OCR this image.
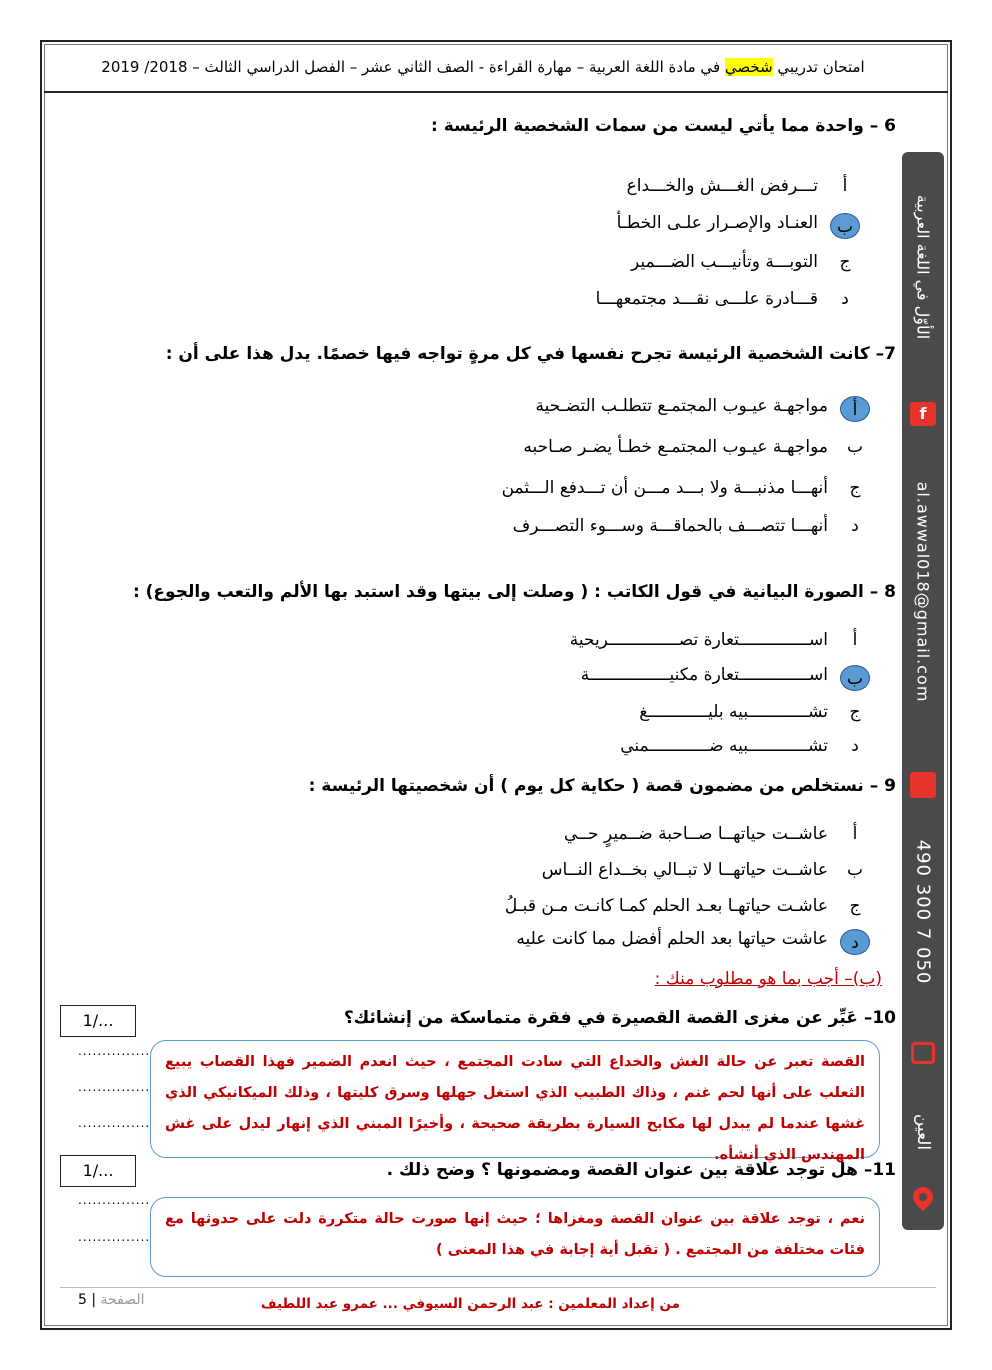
امتحان تدريبي شخصي في مادة اللغة العربية – مهارة القراءة - الصف الثاني عشر – الفصل الدراسي الثالث – 2018/ 2019
6 – واحدة مما يأتي ليست من سمات الشخصية الرئيسة :
أ
تـــرفض الغـــش والخـــداع
ب
العنـاد والإصـرار علـى الخطـأ
ج
التوبـــة وتأنيـــب الضـــمير
د
قـــادرة علـــى نقـــد مجتمعهـــا
7– كانت الشخصية الرئيسة تجرح نفسها في كل مرةٍ تواجه فيها خصمًا. يدل هذا على أن :
أ
مواجهـة عيـوب المجتمـع تتطلـب التضـحية
ب
مواجهـة عيـوب المجتمـع خطـأ يضـر صـاحبه
ج
أنهـــا مذنبـــة ولا بـــد مـــن أن تـــدفع الـــثمن
د
أنهـــا تتصـــف بالحماقـــة وســـوء التصـــرف
8 – الصورة البيانية في قول الكاتب : ( وصلت إلى بيتها وقد استبد بها الألم والتعب والجوع) :
أ
اســــــــــــــتعارة تصــــــــــــــريحية
ب
اســــــــــــــتعارة مكنيــــــــــــــــة
ج
تشــــــــــــبيه بليــــــــــــغ
د
تشــــــــــــبيه ضــــــــــــمني
9 – نستخلص من مضمون قصة ( حكاية كل يوم ) أن شخصيتها الرئيسة :
أ
عاشــت حياتهــا صــاحبة ضــميرٍ حــي
ب
عاشــت حياتهــا لا تبــالي بخــداع النــاس
ج
عاشـت حياتهـا بعـد الحلم كمـا كانـت مـن قبـلُ
د
عاشت حياتها بعد الحلم أفضل مما كانت عليه
(ب)– أجب بما هو مطلوب منك :
10– عَبِّر عن مغزى القصة القصيرة في فقرة متماسكة من إنشائك؟
1/...
...............
...............
...............
القصة تعبر عن حالة الغش والخداع التي سادت المجتمع ، حيث انعدم الضمير فهذا القصاب يبيع الثعلب على أنها لحم غنم ، وذاك الطبيب الذي استغل جهلها وسرق كليتها ، وذلك الميكانيكي الذي غشها عندما لم يبدل لها مكابح السيارة بطريقة صحيحة ، وأخيرًا المبني الذي إنهار ليدل على غش المهندس الذي أنشأه.
11– هل توجد علاقة بين عنوان القصة ومضمونها ؟ وضح ذلك .
1/...
...............
...............
نعم ، توجد علاقة بين عنوان القصة ومغزاها ؛ حيث إنها صورت حالة متكررة دلت على حدوثها مع فئات مختلفة من المجتمع . ( تقبل أية إجابة في هذا المعنى )
الأوّل في اللغة العربية
f
al.awwal018@gmail.com
050 7 300 490
العين
الصفحة | 5	من إعداد المعلمين : عبد الرحمن السيوفي ... عمرو عبد اللطيف
